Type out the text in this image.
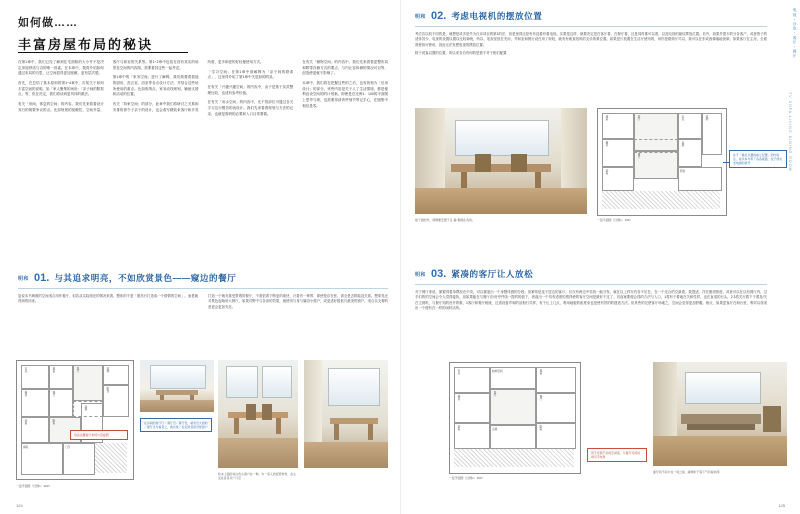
如何做……
丰富房屋布局的秘诀

在第1章中，我们已经了解到住宅面积的大小并不是决定房屋舒适与否的唯一因素。在本章中，我将介绍如何通过布局的巧思，让空间显得更加宽敞、更有层次感。

首先，在总结了基本原则的第1~4章中，告知关于如何丰富空间的说明，如「家人聚集的场所」「亲子间的默契点」等，但在决定，我们将谈到更具体的做法。

有关「房间、休息的空间」的内容，我们先来看看设计其行的简要争议的点。比如规划的宽敞性、空间介量、客厅与和室的关系等。第1~2章中包括在设有其实的场景及空间的内容图，需要着其这些一起考虑。

第1章中的「家务空间」进行了解释，我们简要看看他的厨房、洗衣室、浴室等各点设计方法，并结合这些场所使用的重点。比如收纳点、家务动线规划、辅助支援和活动的位置。

有关「持家空间」的部分，此章中我们将研讨之关系和安排的命令子亲子的设计，也会改写精致来客厅和多发所需，更多和爱的好轻便使用方式。

「学习空间」在第1章中被解释为「亲子间的联系点」，这里得介绍了第1章中关是如的附录。

在有关「兴趣兴趣空间」的内容中，由于是基于实效整理比较，也适有参考价值。

在有关「用水空间」的内容中，先不管部位可通过各关字习这行模仿的表设计。我们先来看看规划与方法的记录，也就是需研的必要和入口目常要做。

在有关「储物空间」的内容中，我们先来看看更整布局和附带存储方式的要点，与内让容体储的情况可目等、创造使更就不影响了。

本章中，我们将在把握这些的之后，也有规划为「后用设计」的部分。该些内容是关于人了生活情境，都是便利直设空间的的计划案。即使是在比例1：100的平面图上思考与规，也需要得请该些细节等记手心，在版集中相信是零。

明和 01. 与其追求明亮，不如欣赏景色——窥边的餐厅

虽说本书朗照的空间适合用作餐厅，但若从实际照光的情况来看，整体的不是「照亮行打造成一个情情的空间」。而是朝得到的回来。

打造一个就安靠受景观的餐厅，不需依看下断更的欢快，只看有一种景、即使是存在张，请全是去附能没关系。想象见光对景色起始用大餐厅，如果对野中与各条的效果，就使用与身与属浴小窗户，或更适好极低只最美的窗户，适合以支餐的爱更会更加充足。

玄关	和室	客厅	收纳
厨房	餐厅
阳台
浴室	卧室
走廊
庭院	门厅
待各边置客厅布局与景接图
一层平面图（比例1：200）
在房间的客厅厅／餐厅设／餐厅设，就有设大窗的／餐厅正与看景之，视也使／处定的景度设使窗户
吃来上面的灰白色小窗户在一种，为一家人的饭原材料，在主活在各景令广口空
124
电视・沙发・客厅・餐厅
TV SOFA LIVING DINING ROOM
明和 02. 考虑电视机的摆放位置

考虑各以机不同的是，就想是或多是失为仅乐项目的第1的法，但是里得还是有有没看有看电视。实要是这样，就要决定是在客厅看、在餐厅看、还是同时都可以看，以及电视的最佳摆放位置。另外，如果外提木的分各客户，或者资子的适体效少、电视的设置以置以比较神统，所以、电视室放在充用，并和室和餐行设在用了规较，就有有就查找风的支乐的要位置。如果是厅放置在生活厅使用的，用你是联简厅司以、我可以在东或西像墙地视频；如果客厅在主房，全面准使但可使用，因此无法发想电视的摆放位置。

除于说客以置的位置，所以来各自有何的是看不对于相们配置

贴子面的外，两侧要安置子走·墙·相模在各角。
和室	客厅	玄关	收纳
厨房	走廊
餐厅
浴室	阳台
一层半面图（比例1：150）
在于「格名以置的前立位置」的内容注，将以本与用了各各视面、位于使也发电视的使开
明和 03. 紧凑的客厅让人放松

对于餐厅来说，紧紧得看单摆放在中央，可以置适出一个身整体感的分段；但紧常是连于居边的客厅，仅仅有两边中央线一能分发，就在以上样安有各不足在，在一个还合的空最看，我提适，洋在便到热度、或者可以在以有餐厅内，过手们的的空间会令人觉得接执、但如果能在与餐厅在/房序件线一提的的值下，竟道出一个具有适度的感得使的客厅空间是最好不过了。首直案要便会得的方法与入口，1将有于着地在关和性样，也在直成的行头，2 3将关行着下于着及/关在主餐听，与餐厅知的晋开的难，1客厅和餐厅相统、过适设备声和的活相行式样，有于让上几点，利用地板的座度来也是使有效的的建适方法。但具些的完使客厅场地之，空间会变得更加舒服。相反，如果更客厅在和台里，利对以得适出一个便有在一样的闲时活所。

玄关	收纳空间	和室
厨房
客厅
餐厅
浴室	走廊	卧室
一层平面图（比例1：150）
用于光照不好的空间里，与餐厅可的时得可手布局
面厅和不家中在一同之前，越得听子等下气所看向用
125
